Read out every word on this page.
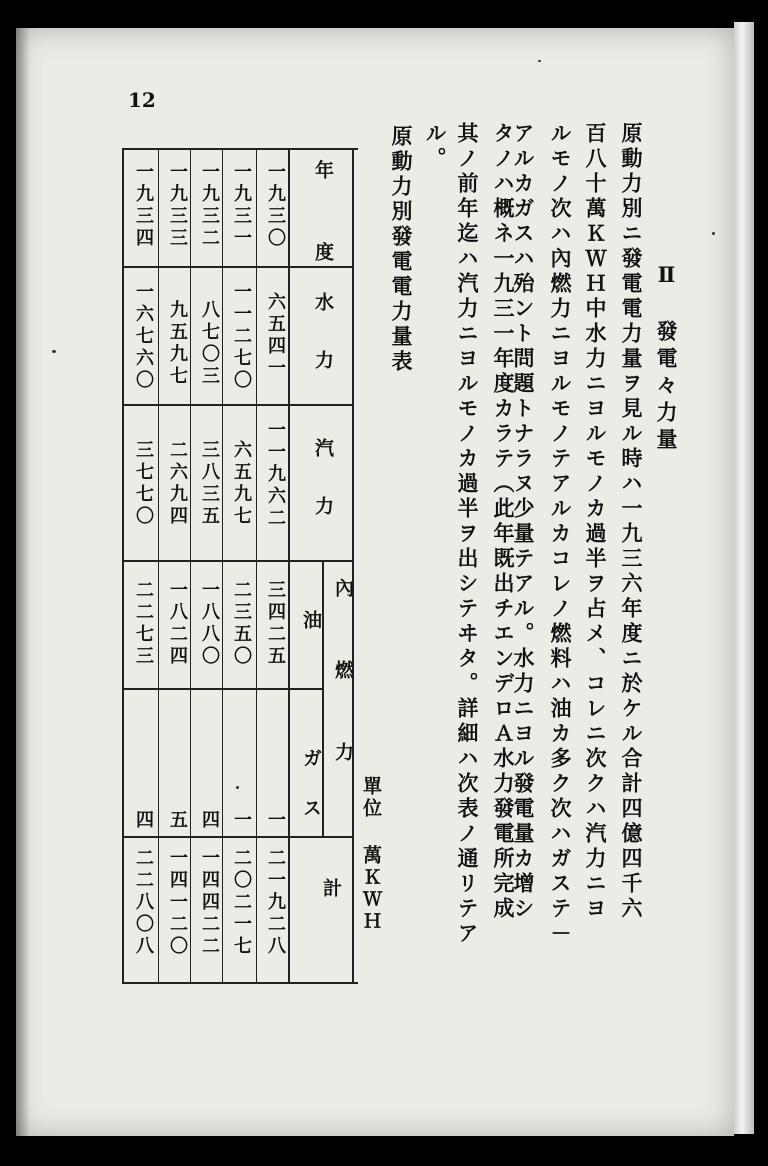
12
Ⅱ　發電々力量
原動力別ニ發電電力量ヲ見ル時ハ一九三六年度ニ於ケル合計四億四千六
百八十萬ＫＷＨ中水力ニヨルモノカ過半ヲ占メ、コレニ次クハ汽力ニヨ
ルモノ次ハ內燃力ニヨルモノテアルカコレノ燃料ハ油カ多ク次ハガステ－
アルカガスハ殆ント問題トナラヌ少量テアル。水力ニヨル發電量カ增シ
タノハ概ネ一九三一年度カラテ（此年既出チエンデロＡ水力發電所完成
其ノ前年迄ハ汽力ニヨルモノカ過半ヲ出シテヰタ。詳細ハ次表ノ通リテア
ル。
原動力別發電電力量表
單位 萬ＫＷＨ
年　度
水　力
汽　力
內　燃　力
油
ガ　ス
計
一九三〇
六五四一
一一九六二
三四二五
一
二一九二八
一九三一
一一二七〇
六五九七
二三五〇
一
二〇二一七
一九三二
八七〇三
三八三五
一八八〇
四
一四四二二
一九三三
九五九七
二六九四
一八二四
五
一四一二〇
一九三四
一六七六〇
三七七〇
二二七三
四
二二八〇八
